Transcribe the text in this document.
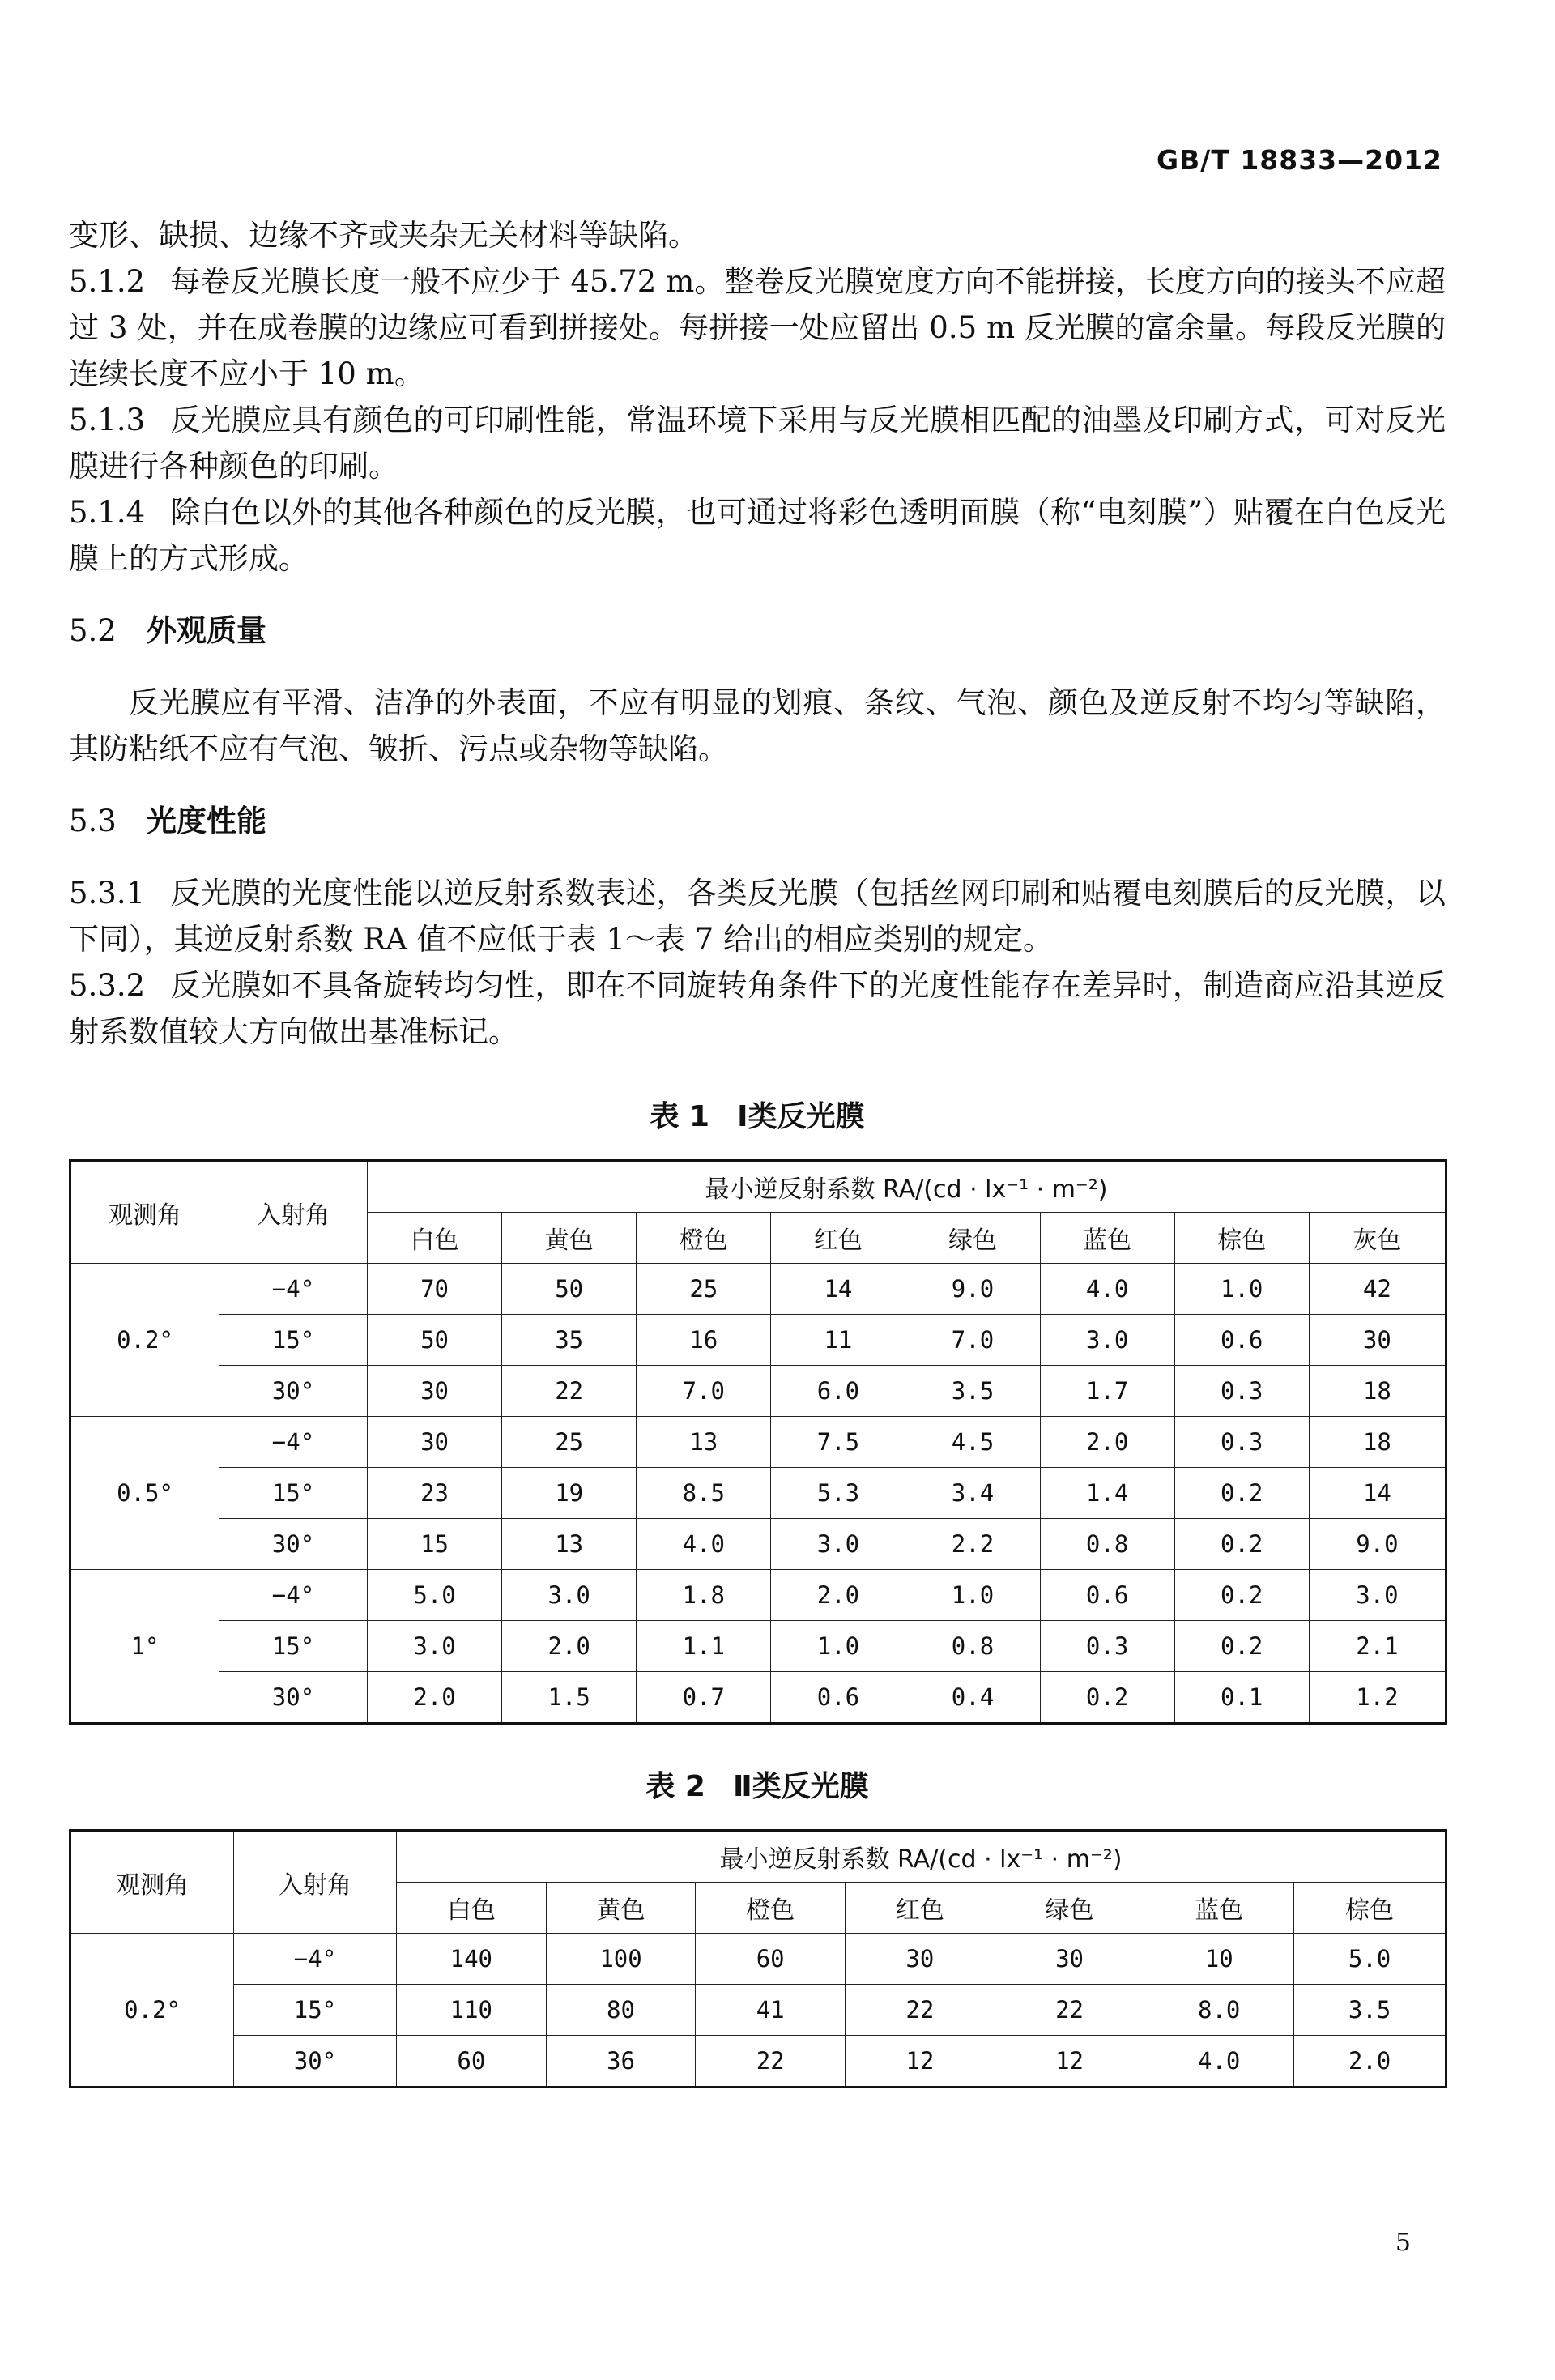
GB/T 18833—2012

变形、缺损、边缘不齐或夹杂无关材料等缺陷。

5.1.2 每卷反光膜长度一般不应少于 45.72 m。整卷反光膜宽度方向不能拼接，长度方向的接头不应超过 3 处，并在成卷膜的边缘应可看到拼接处。每拼接一处应留出 0.5 m 反光膜的富余量。每段反光膜的连续长度不应小于 10 m。

5.1.3 反光膜应具有颜色的可印刷性能，常温环境下采用与反光膜相匹配的油墨及印刷方式，可对反光膜进行各种颜色的印刷。

5.1.4 除白色以外的其他各种颜色的反光膜，也可通过将彩色透明面膜（称“电刻膜”）贴覆在白色反光膜上的方式形成。

5.2 外观质量

反光膜应有平滑、洁净的外表面，不应有明显的划痕、条纹、气泡、颜色及逆反射不均匀等缺陷，其防粘纸不应有气泡、皱折、污点或杂物等缺陷。

5.3 光度性能

5.3.1 反光膜的光度性能以逆反射系数表述，各类反光膜（包括丝网印刷和贴覆电刻膜后的反光膜，以下同），其逆反射系数 RA 值不应低于表 1～表 7 给出的相应类别的规定。

5.3.2 反光膜如不具备旋转均匀性，即在不同旋转角条件下的光度性能存在差异时，制造商应沿其逆反射系数值较大方向做出基准标记。

表 1 Ⅰ类反光膜
观测角	入射角	最小逆反射系数 RA/(cd · lx⁻¹ · m⁻²)							
		白色	黄色	橙色	红色	绿色	蓝色	棕色	灰色
0.2°	−4°	70	50	25	14	9.0	4.0	1.0	42
	15°	50	35	16	11	7.0	3.0	0.6	30
	30°	30	22	7.0	6.0	3.5	1.7	0.3	18
0.5°	−4°	30	25	13	7.5	4.5	2.0	0.3	18
	15°	23	19	8.5	5.3	3.4	1.4	0.2	14
	30°	15	13	4.0	3.0	2.2	0.8	0.2	9.0
1°	−4°	5.0	3.0	1.8	2.0	1.0	0.6	0.2	3.0
	15°	3.0	2.0	1.1	1.0	0.8	0.3	0.2	2.1
	30°	2.0	1.5	0.7	0.6	0.4	0.2	0.1	1.2
表 2 Ⅱ类反光膜
观测角	入射角	最小逆反射系数 RA/(cd · lx⁻¹ · m⁻²)						
		白色	黄色	橙色	红色	绿色	蓝色	棕色
0.2°	−4°	140	100	60	30	30	10	5.0
	15°	110	80	41	22	22	8.0	3.5
	30°	60	36	22	12	12	4.0	2.0
5
